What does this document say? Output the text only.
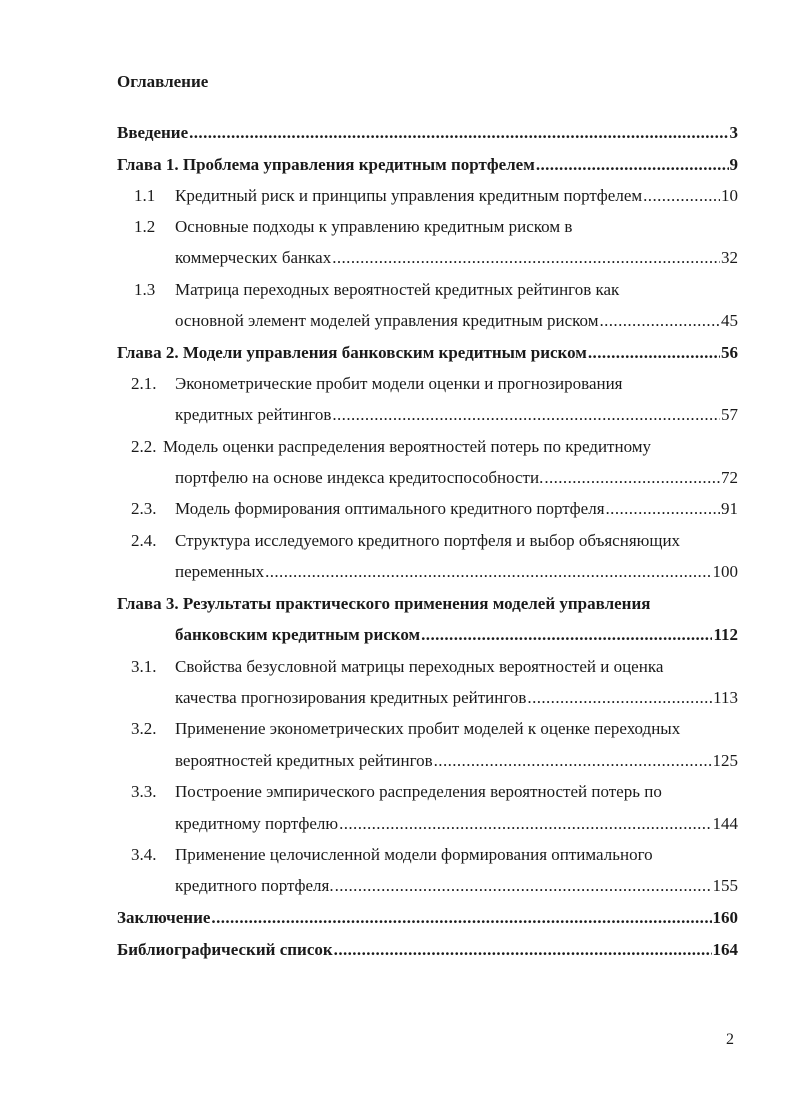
Оглавление
Введение .....	3
Глава 1. Проблема управления кредитным портфелем .....	9
1.1 Кредитный риск и принципы управления кредитным портфелем .....	10
1.2 Основные подходы к управлению кредитным риском в
коммерческих банках .....	32
1.3 Матрица переходных вероятностей кредитных рейтингов как
основной элемент моделей управления кредитным риском .....	45
Глава 2. Модели управления банковским кредитным риском .....	56
2.1. Эконометрические пробит модели оценки и прогнозирования
кредитных рейтингов .....	57
2.2. Модель оценки распределения вероятностей потерь по кредитному
портфелю на основе индекса кредитоспособности. .....	72
2.3. Модель формирования оптимального кредитного портфеля .....	91
2.4. Структура исследуемого кредитного портфеля и выбор объясняющих
переменных .....	100
Глава 3. Результаты практического применения моделей управления
банковским кредитным риском .....	112
3.1. Свойства безусловной матрицы переходных вероятностей и оценка
качества прогнозирования кредитных рейтингов .....	113
3.2. Применение эконометрических пробит моделей к оценке переходных
вероятностей кредитных рейтингов .....	125
3.3. Построение эмпирического распределения вероятностей потерь по
кредитному портфелю .....	144
3.4. Применение целочисленной модели формирования оптимального
кредитного портфеля. .....	155
Заключение .....	160
Библиографический список .....	164
2
